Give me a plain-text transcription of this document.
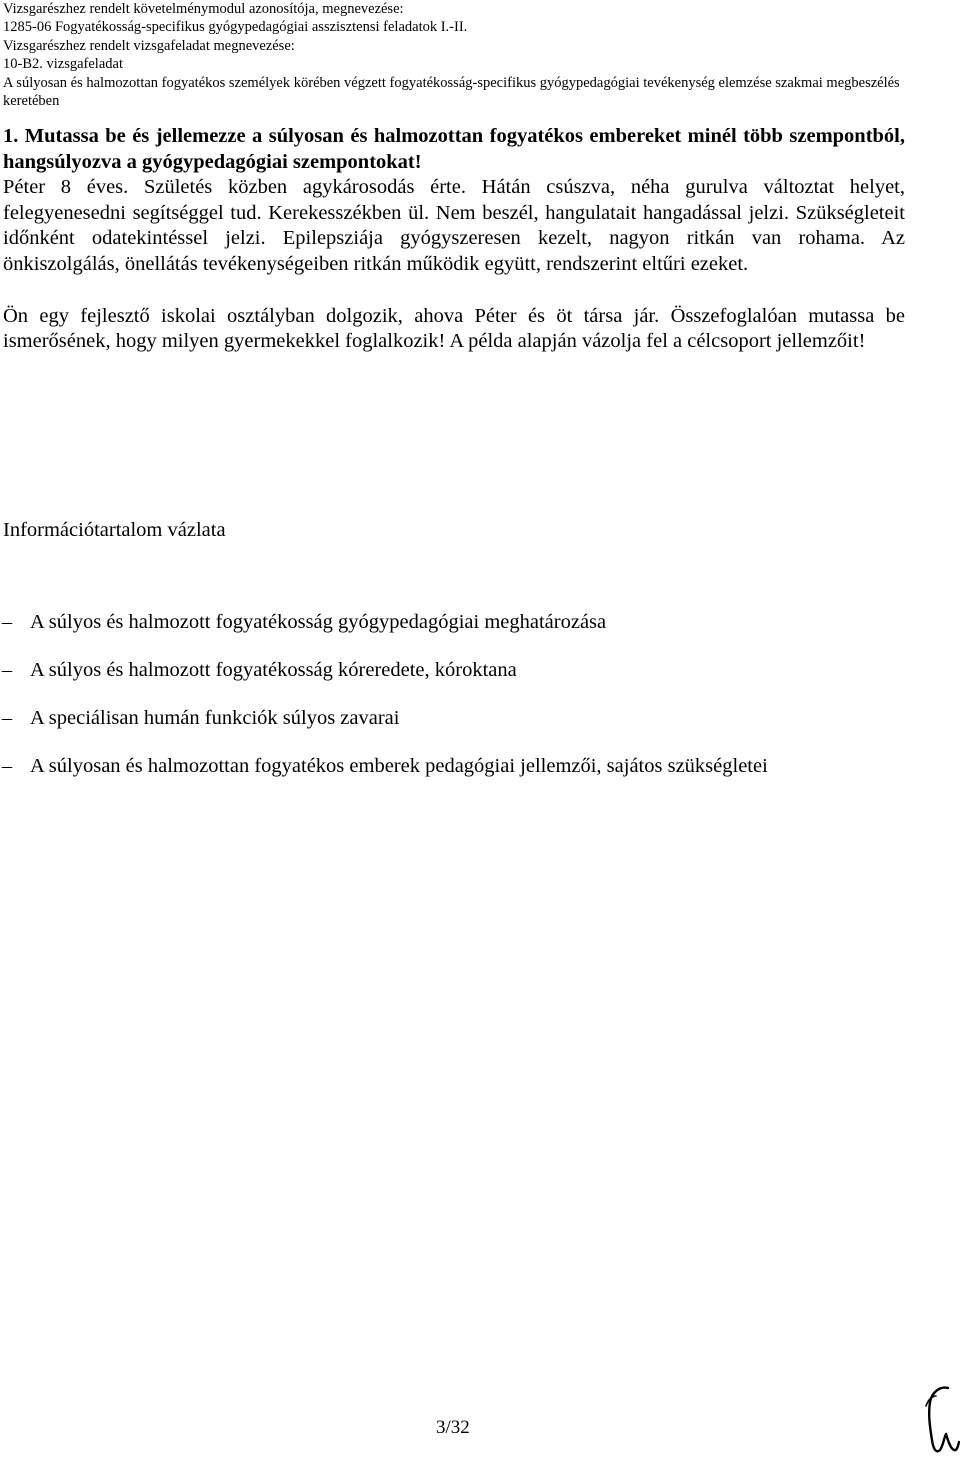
Vizsgarészhez rendelt követelménymodul azonosítója, megnevezése:
1285-06 Fogyatékosság-specifikus gyógypedagógiai asszisztensi feladatok I.-II.
Vizsgarészhez rendelt vizsgafeladat megnevezése:
10-B2. vizsgafeladat
A súlyosan és halmozottan fogyatékos személyek körében végzett fogyatékosság-specifikus gyógypedagógiai tevékenység elemzése szakmai megbeszélés keretében

1. Mutassa be és jellemezze a súlyosan és halmozottan fogyatékos embereket minél több szempontból, hangsúlyozva a gyógypedagógiai szempontokat!

Péter 8 éves. Születés közben agykárosodás érte. Hátán csúszva, néha gurulva változtat helyet, felegyenesedni segítséggel tud. Kerekesszékben ül. Nem beszél, hangulatait hangadással jelzi. Szükségleteit időnként odatekintéssel jelzi. Epilepsziája gyógyszeresen kezelt, nagyon ritkán van rohama. Az önkiszolgálás, önellátás tevékenységeiben ritkán működik együtt, rendszerint eltűri ezeket.

Ön egy fejlesztő iskolai osztályban dolgozik, ahova Péter és öt társa jár. Összefoglalóan mutassa be ismerősének, hogy milyen gyermekekkel foglalkozik! A példa alapján vázolja fel a célcsoport jellemzőit!

Információtartalom vázlata
– A súlyos és halmozott fogyatékosság gyógypedagógiai meghatározása
– A súlyos és halmozott fogyatékosság kóreredete, kóroktana
– A speciálisan humán funkciók súlyos zavarai
– A súlyosan és halmozottan fogyatékos emberek pedagógiai jellemzői, sajátos szükségletei
3/32
